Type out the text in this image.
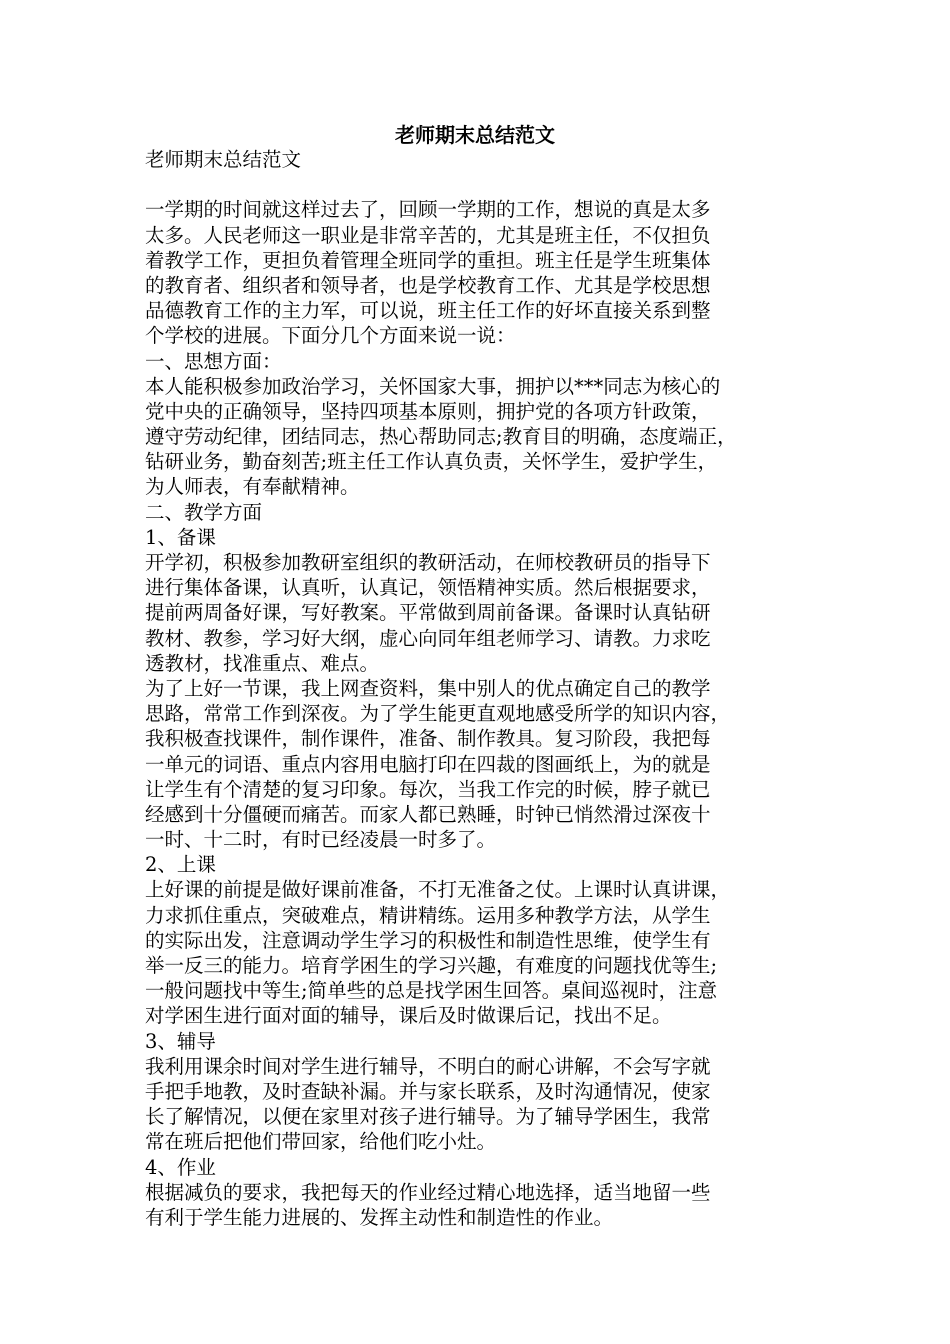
老师期末总结范文
老师期末总结范文
一学期的时间就这样过去了，回顾一学期的工作，想说的真是太多
太多。人民老师这一职业是非常辛苦的，尤其是班主任，不仅担负
着教学工作，更担负着管理全班同学的重担。班主任是学生班集体
的教育者、组织者和领导者，也是学校教育工作、尤其是学校思想
品德教育工作的主力军，可以说，班主任工作的好坏直接关系到整
个学校的进展。下面分几个方面来说一说：
一、思想方面：
本人能积极参加政治学习，关怀国家大事，拥护以***同志为核心的
党中央的正确领导，坚持四项基本原则，拥护党的各项方针政策，
遵守劳动纪律，团结同志，热心帮助同志;教育目的明确，态度端正，
钻研业务，勤奋刻苦;班主任工作认真负责，关怀学生，爱护学生，
为人师表，有奉献精神。
二、教学方面
1、备课
开学初，积极参加教研室组织的教研活动，在师校教研员的指导下
进行集体备课，认真听，认真记，领悟精神实质。然后根据要求，
提前两周备好课，写好教案。平常做到周前备课。备课时认真钻研
教材、教参，学习好大纲，虚心向同年组老师学习、请教。力求吃
透教材，找准重点、难点。
为了上好一节课，我上网查资料，集中别人的优点确定自己的教学
思路，常常工作到深夜。为了学生能更直观地感受所学的知识内容，
我积极查找课件，制作课件，准备、制作教具。复习阶段，我把每
一单元的词语、重点内容用电脑打印在四裁的图画纸上，为的就是
让学生有个清楚的复习印象。每次，当我工作完的时候，脖子就已
经感到十分僵硬而痛苦。而家人都已熟睡，时钟已悄然滑过深夜十
一时、十二时，有时已经凌晨一时多了。
2、上课
上好课的前提是做好课前准备，不打无准备之仗。上课时认真讲课，
力求抓住重点，突破难点，精讲精练。运用多种教学方法，从学生
的实际出发，注意调动学生学习的积极性和制造性思维，使学生有
举一反三的能力。培育学困生的学习兴趣，有难度的问题找优等生;
一般问题找中等生;简单些的总是找学困生回答。桌间巡视时，注意
对学困生进行面对面的辅导，课后及时做课后记，找出不足。
3、辅导
我利用课余时间对学生进行辅导，不明白的耐心讲解，不会写字就
手把手地教，及时查缺补漏。并与家长联系，及时沟通情况，使家
长了解情况，以便在家里对孩子进行辅导。为了辅导学困生，我常
常在班后把他们带回家，给他们吃小灶。
4、作业
根据减负的要求，我把每天的作业经过精心地选择，适当地留一些
有利于学生能力进展的、发挥主动性和制造性的作业。
